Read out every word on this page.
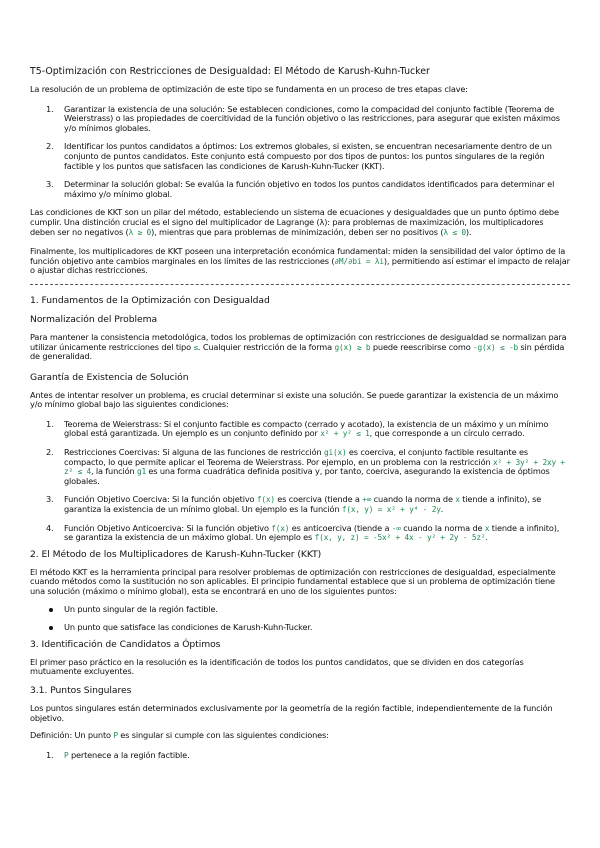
T5-Optimización con Restricciones de Desigualdad: El Método de Karush-Kuhn-Tucker

La resolución de un problema de optimización de este tipo se fundamenta en un proceso de tres etapas clave:

1. Garantizar la existencia de una solución: Se establecen condiciones, como la compacidad del conjunto factible (Teorema de Weierstrass) o las propiedades de coercitividad de la función objetivo o las restricciones, para asegurar que existen máximos y/o mínimos globales.
2. Identificar los puntos candidatos a óptimos: Los extremos globales, si existen, se encuentran necesariamente dentro de un conjunto de puntos candidatos. Este conjunto está compuesto por dos tipos de puntos: los puntos singulares de la región factible y los puntos que satisfacen las condiciones de Karush-Kuhn-Tucker (KKT).
3. Determinar la solución global: Se evalúa la función objetivo en todos los puntos candidatos identificados para determinar el máximo y/o mínimo global.

Las condiciones de KKT son un pilar del método, estableciendo un sistema de ecuaciones y desigualdades que un punto óptimo debe cumplir. Una distinción crucial es el signo del multiplicador de Lagrange (λ): para problemas de maximización, los multiplicadores deben ser no negativos (λ ≥ 0), mientras que para problemas de minimización, deben ser no positivos (λ ≤ 0).

Finalmente, los multiplicadores de KKT poseen una interpretación económica fundamental: miden la sensibilidad del valor óptimo de la función objetivo ante cambios marginales en los límites de las restricciones (∂M/∂bi = λi), permitiendo así estimar el impacto de relajar o ajustar dichas restricciones.

1. Fundamentos de la Optimización con Desigualdad

Normalización del Problema

Para mantener la consistencia metodológica, todos los problemas de optimización con restricciones de desigualdad se normalizan para utilizar únicamente restricciones del tipo ≤. Cualquier restricción de la forma g(x) ≥ b puede reescribirse como -g(x) ≤ -b sin pérdida de generalidad.

Garantía de Existencia de Solución

Antes de intentar resolver un problema, es crucial determinar si existe una solución. Se puede garantizar la existencia de un máximo y/o mínimo global bajo las siguientes condiciones:

1. Teorema de Weierstrass: Si el conjunto factible es compacto (cerrado y acotado), la existencia de un máximo y un mínimo global está garantizada. Un ejemplo es un conjunto definido por x² + y² ≤ 1, que corresponde a un círculo cerrado.
2. Restricciones Coercivas: Si alguna de las funciones de restricción gi(x) es coerciva, el conjunto factible resultante es compacto, lo que permite aplicar el Teorema de Weierstrass. Por ejemplo, en un problema con la restricción x² + 3y² + 2xy + z² ≤ 4, la función g1 es una forma cuadrática definida positiva y, por tanto, coerciva, asegurando la existencia de óptimos globales.
3. Función Objetivo Coerciva: Si la función objetivo f(x) es coerciva (tiende a +∞ cuando la norma de x tiende a infinito), se garantiza la existencia de un mínimo global. Un ejemplo es la función f(x, y) = x² + y⁴ - 2y.
4. Función Objetivo Anticoerciva: Si la función objetivo f(x) es anticoerciva (tiende a -∞ cuando la norma de x tiende a infinito), se garantiza la existencia de un máximo global. Un ejemplo es f(x, y, z) = -5x² + 4x - y² + 2y - 5z².

2. El Método de los Multiplicadores de Karush-Kuhn-Tucker (KKT)

El método KKT es la herramienta principal para resolver problemas de optimización con restricciones de desigualdad, especialmente cuando métodos como la sustitución no son aplicables. El principio fundamental establece que si un problema de optimización tiene una solución (máximo o mínimo global), esta se encontrará en uno de los siguientes puntos:

Un punto singular de la región factible.
Un punto que satisface las condiciones de Karush-Kuhn-Tucker.

3. Identificación de Candidatos a Óptimos

El primer paso práctico en la resolución es la identificación de todos los puntos candidatos, que se dividen en dos categorías mutuamente excluyentes.

3.1. Puntos Singulares

Los puntos singulares están determinados exclusivamente por la geometría de la región factible, independientemente de la función objetivo.

Definición: Un punto P es singular si cumple con las siguientes condiciones:

1. P pertenece a la región factible.
